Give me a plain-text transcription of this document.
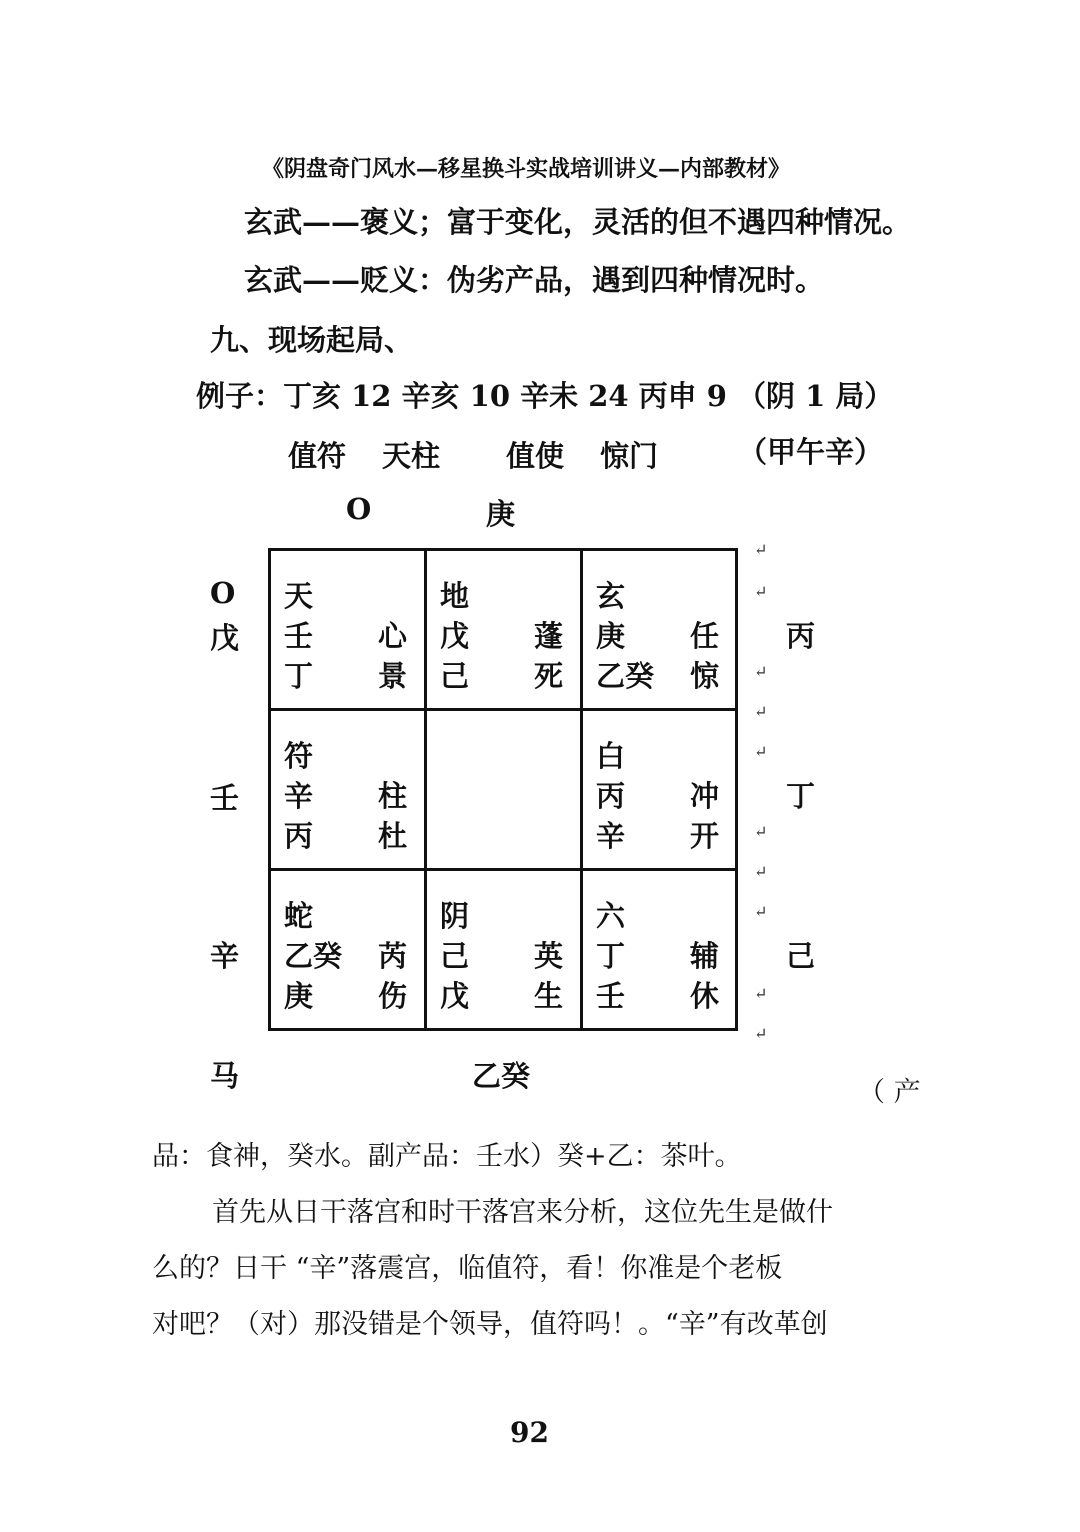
《阴盘奇门风水—移星换斗实战培训讲义—内部教材》
玄武——褒义；富于变化，灵活的但不遇四种情况。
玄武——贬义：伪劣产品，遇到四种情况时。
九、现场起局、
例子：丁亥 12 辛亥 10 辛未 24 丙申 9 （阴 1 局）
值符 天柱 值使 惊门	（甲午辛）
O	庚
O
戊
壬
辛
马
丙
丁
己
乙癸
↵
↵
↵
↵
↵
↵
↵
↵
↵
↵
天
壬 心
丁 景
地
戊 蓬
己 死
玄
庚 任
乙癸 惊
符
辛 柱
丙 杜
白
丙 冲
辛 开
蛇
乙癸 芮
庚 伤
阴
己 英
戊 生
六
丁 辅
壬 休
（ 产
品：食神，癸水。副产品：壬水）癸+乙：茶叶。
首先从日干落宫和时干落宫来分析，这位先生是做什
么的？日干 “辛”落震宫，临值符，看！你准是个老板
对吧？（对）那没错是个领导，值符吗！。“辛”有改革创
92
